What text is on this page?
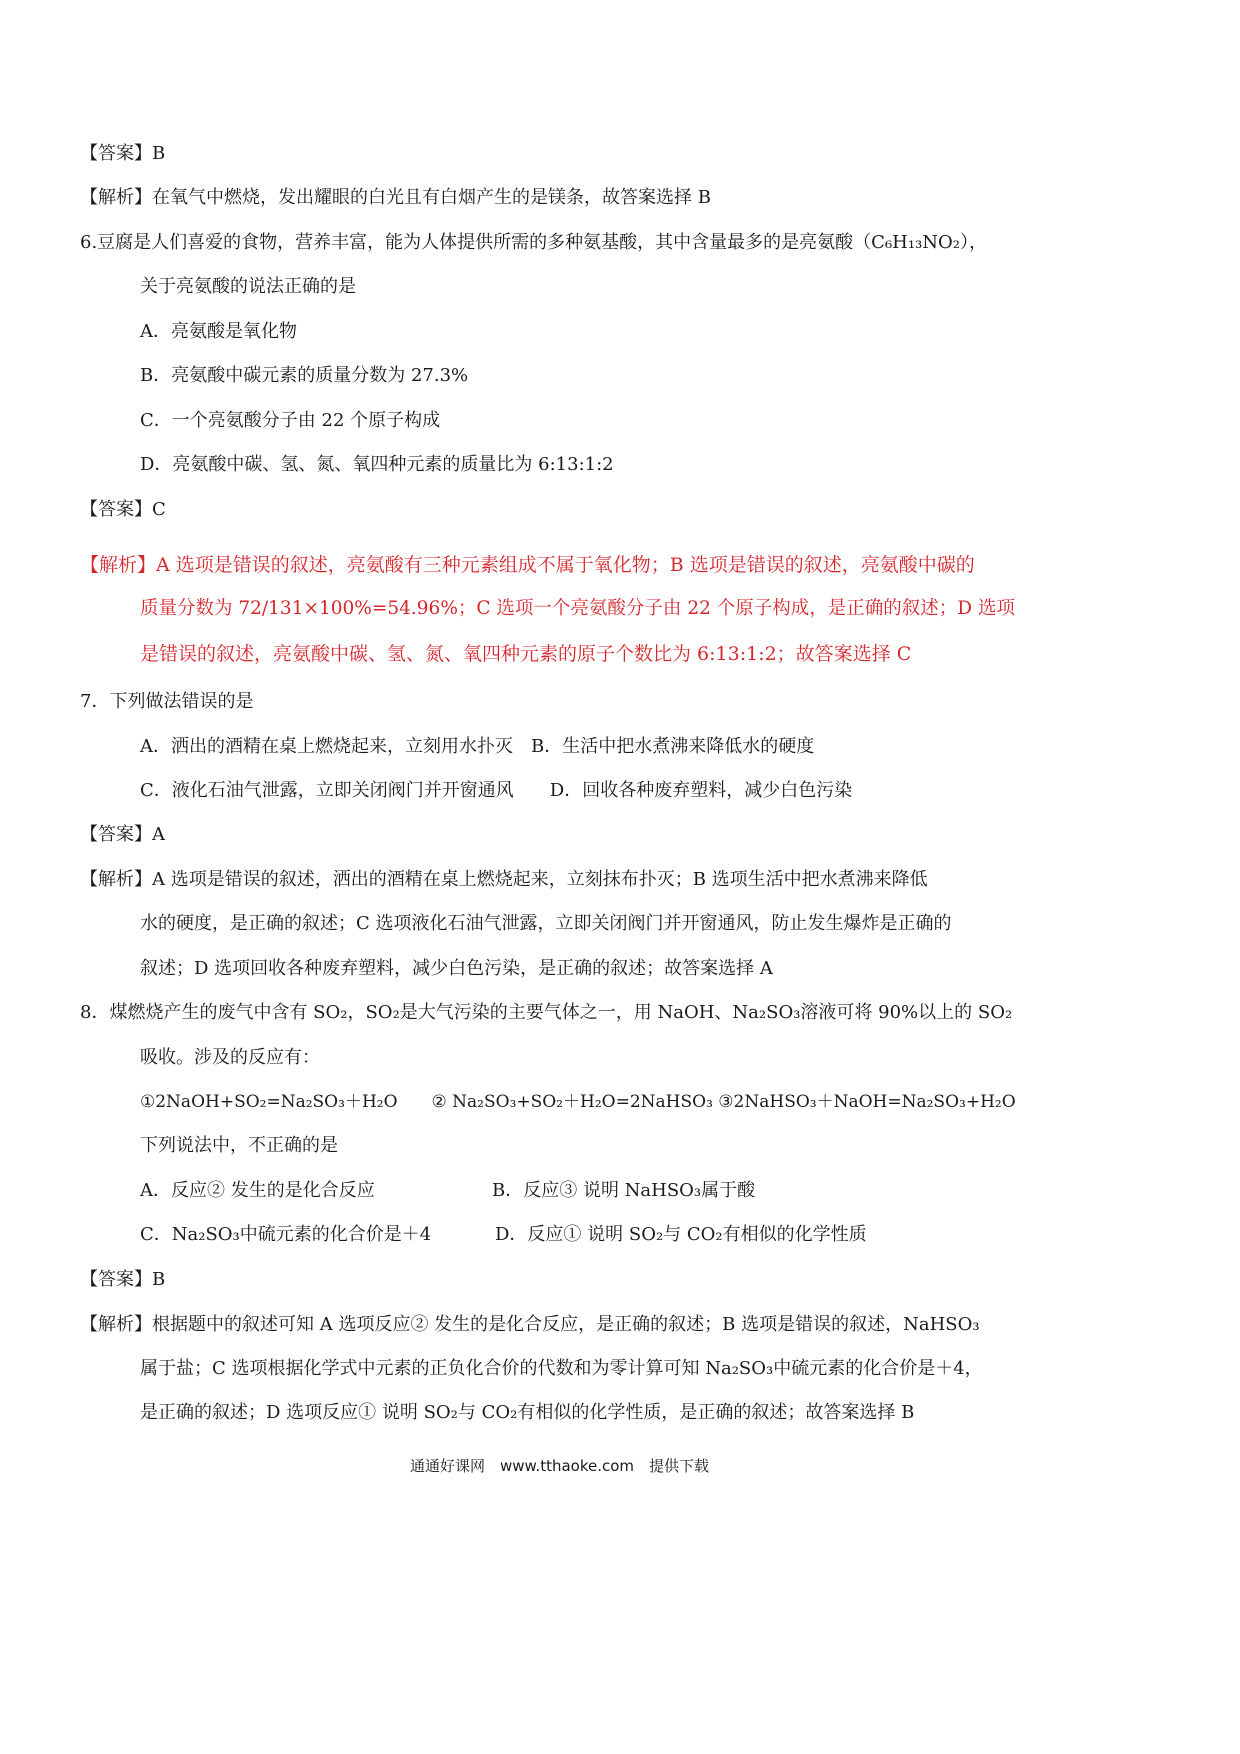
【答案】B
【解析】在氧气中燃烧，发出耀眼的白光且有白烟产生的是镁条，故答案选择 B
6.豆腐是人们喜爱的食物，营养丰富，能为人体提供所需的多种氨基酸，其中含量最多的是亮氨酸（C₆H₁₃NO₂），
关于亮氨酸的说法正确的是
A．亮氨酸是氧化物
B．亮氨酸中碳元素的质量分数为 27.3%
C．一个亮氨酸分子由 22 个原子构成
D．亮氨酸中碳、氢、氮、氧四种元素的质量比为 6:13:1:2
【答案】C
【解析】A 选项是错误的叙述，亮氨酸有三种元素组成不属于氧化物；B 选项是错误的叙述，亮氨酸中碳的
质量分数为 72/131×100%=54.96%；C 选项一个亮氨酸分子由 22 个原子构成，是正确的叙述；D 选项
是错误的叙述，亮氨酸中碳、氢、氮、氧四种元素的原子个数比为 6:13:1:2；故答案选择 C
7．下列做法错误的是
A．洒出的酒精在桌上燃烧起来，立刻用水扑灭　B．生活中把水煮沸来降低水的硬度
C．液化石油气泄露，立即关闭阀门并开窗通风　　D．回收各种废弃塑料，减少白色污染
【答案】A
【解析】A 选项是错误的叙述，洒出的酒精在桌上燃烧起来，立刻抹布扑灭；B 选项生活中把水煮沸来降低
水的硬度，是正确的叙述；C 选项液化石油气泄露，立即关闭阀门并开窗通风，防止发生爆炸是正确的
叙述；D 选项回收各种废弃塑料，减少白色污染，是正确的叙述；故答案选择 A
8．煤燃烧产生的废气中含有 SO₂，SO₂是大气污染的主要气体之一，用 NaOH、Na₂SO₃溶液可将 90%以上的 SO₂
吸收。涉及的反应有：
①2NaOH+SO₂=Na₂SO₃＋H₂O　　② Na₂SO₃+SO₂＋H₂O=2NaHSO₃ ③2NaHSO₃＋NaOH=Na₂SO₃+H₂O
下列说法中，不正确的是
A．反应② 发生的是化合反应	B．反应③ 说明 NaHSO₃属于酸
C．Na₂SO₃中硫元素的化合价是＋4	D．反应① 说明 SO₂与 CO₂有相似的化学性质
【答案】B
【解析】根据题中的叙述可知 A 选项反应② 发生的是化合反应，是正确的叙述；B 选项是错误的叙述，NaHSO₃
属于盐；C 选项根据化学式中元素的正负化合价的代数和为零计算可知 Na₂SO₃中硫元素的化合价是＋4，
是正确的叙述；D 选项反应① 说明 SO₂与 CO₂有相似的化学性质，是正确的叙述；故答案选择 B
通通好课网　www.tthaoke.com　提供下载
